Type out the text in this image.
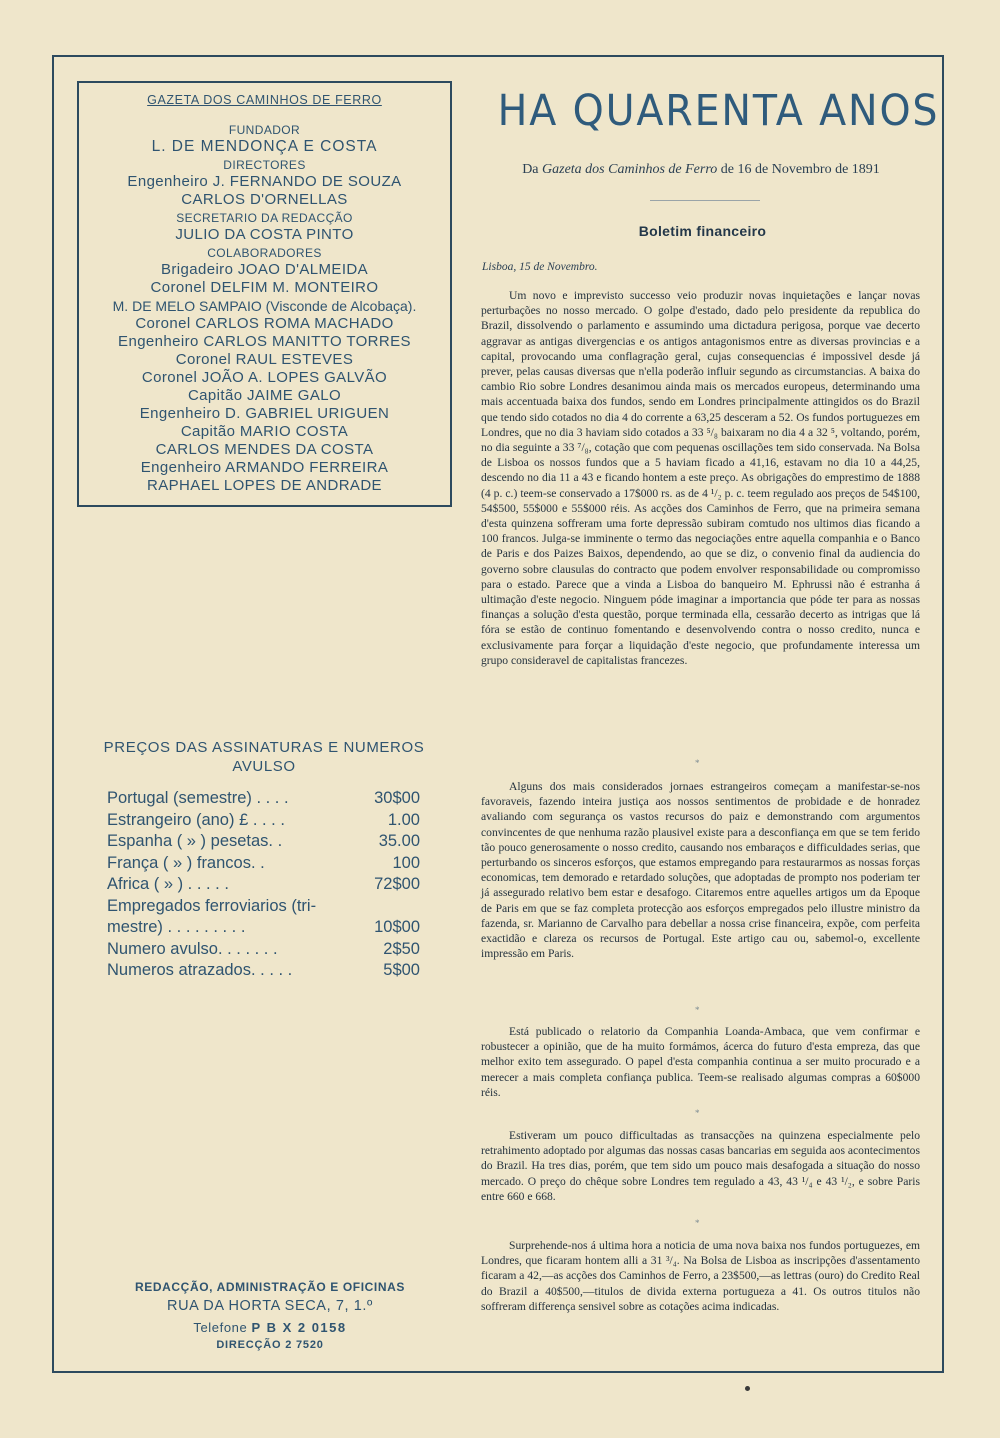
GAZETA DOS CAMINHOS DE FERRO
FUNDADOR
L. DE MENDONÇA E COSTA
DIRECTORES
Engenheiro J. FERNANDO DE SOUZA
CARLOS D'ORNELLAS
SECRETARIO DA REDACÇÃO
JULIO DA COSTA PINTO
COLABORADORES
Brigadeiro JOAO D'ALMEIDA
Coronel DELFIM M. MONTEIRO
M. DE MELO SAMPAIO (Visconde de Alcobaça).
Coronel CARLOS ROMA MACHADO
Engenheiro CARLOS MANITTO TORRES
Coronel RAUL ESTEVES
Coronel JOÃO A. LOPES GALVÃO
Capitão JAIME GALO
Engenheiro D. GABRIEL URIGUEN
Capitão MARIO COSTA
CARLOS MENDES DA COSTA
Engenheiro ARMANDO FERREIRA
RAPHAEL LOPES DE ANDRADE
PREÇOS DAS ASSINATURAS E NUMEROS AVULSO
Portugal (semestre) . . . .	30$00
Estrangeiro (ano) £ . . . .	1.00
Espanha ( » ) pesetas. .	35.00
França ( » ) francos. .	100
Africa ( » ) . . . . .	72$00
Empregados ferroviarios (tri-
mestre) . . . . . . . . .	10$00
Numero avulso. . . . . . .	2$50
Numeros atrazados. . . . .	5$00
REDACÇÃO, ADMINISTRAÇÃO E OFICINAS
RUA DA HORTA SECA, 7, 1.º
Telefone P B X 2 0158
DIRECÇÃO 2 7520
HA QUARENTA ANOS
Da Gazeta dos Caminhos de Ferro de 16 de Novembro de 1891
Boletim financeiro
Lisboa, 15 de Novembro.

Um novo e imprevisto successo veio produzir novas inquietações e lançar novas perturbações no nosso mercado. O golpe d'estado, dado pelo presidente da republica do Brazil, dissolvendo o parlamento e assumindo uma dictadura perigosa, porque vae decerto aggravar as antigas divergencias e os antigos antagonismos entre as diversas provincias e a capital, provocando uma conflagração geral, cujas consequencias é impossivel desde já prever, pelas causas diversas que n'ella poderão influir segundo as circumstancias. A baixa do cambio Rio sobre Londres desanimou ainda mais os mercados europeus, determinando uma mais accentuada baixa dos fundos, sendo em Londres principalmente attingidos os do Brazil que tendo sido cotados no dia 4 do corrente a 63,25 desceram a 52. Os fundos portuguezes em Londres, que no dia 3 haviam sido cotados a 33 ⁵/₈ baixaram no dia 4 a 32 ⁵, voltando, porém, no dia seguinte a 33 ⁷/₈, cotação que com pequenas oscillações tem sido conservada. Na Bolsa de Lisboa os nossos fundos que a 5 haviam ficado a 41,16, estavam no dia 10 a 44,25, descendo no dia 11 a 43 e ficando hontem a este preço. As obrigações do emprestimo de 1888 (4 p. c.) teem-se conservado a 17$000 rs. as de 4 ¹/₂ p. c. teem regulado aos preços de 54$100, 54$500, 55$000 e 55$000 réis. As acções dos Caminhos de Ferro, que na primeira semana d'esta quinzena soffreram uma forte depressão subiram comtudo nos ultimos dias ficando a 100 francos. Julga-se imminente o termo das negociações entre aquella companhia e o Banco de Paris e dos Paizes Baixos, dependendo, ao que se diz, o convenio final da audiencia do governo sobre clausulas do contracto que podem envolver responsabilidade ou compromisso para o estado. Parece que a vinda a Lisboa do banqueiro M. Ephrussi não é estranha á ultimação d'este negocio. Ninguem póde imaginar a importancia que póde ter para as nossas finanças a solução d'esta questão, porque terminada ella, cessarão decerto as intrigas que lá fóra se estão de continuo fomentando e desenvolvendo contra o nosso credito, nunca e exclusivamente para forçar a liquidação d'este negocio, que profundamente interessa um grupo consideravel de capitalistas francezes.

*

Alguns dos mais considerados jornaes estrangeiros começam a manifestar-se-nos favoraveis, fazendo inteira justiça aos nossos sentimentos de probidade e de honradez avaliando com segurança os vastos recursos do paiz e demonstrando com argumentos convincentes de que nenhuma razão plausivel existe para a desconfiança em que se tem ferido tão pouco generosamente o nosso credito, causando nos embaraços e difficuldades serias, que perturbando os sinceros esforços, que estamos empregando para restaurarmos as nossas forças economicas, tem demorado e retardado soluções, que adoptadas de prompto nos poderiam ter já assegurado relativo bem estar e desafogo. Citaremos entre aquelles artigos um da Epoque de Paris em que se faz completa protecção aos esforços empregados pelo illustre ministro da fazenda, sr. Marianno de Carvalho para debellar a nossa crise financeira, expõe, com perfeita exactidão e clareza os recursos de Portugal. Este artigo cau ou, sabemol-o, excellente impressão em Paris.

*

Está publicado o relatorio da Companhia Loanda-Ambaca, que vem confirmar e robustecer a opinião, que de ha muito formámos, ácerca do futuro d'esta empreza, das que melhor exito tem assegurado. O papel d'esta companhia continua a ser muito procurado e a merecer a mais completa confiança publica. Teem-se realisado algumas compras a 60$000 réis.

*

Estiveram um pouco difficultadas as transacções na quinzena especialmente pelo retrahimento adoptado por algumas das nossas casas bancarias em seguida aos acontecimentos do Brazil. Ha tres dias, porém, que tem sido um pouco mais desafogada a situação do nosso mercado. O preço do chêque sobre Londres tem regulado a 43, 43 ¹/₄ e 43 ¹/₂, e sobre Paris entre 660 e 668.

*

Surprehende-nos á ultima hora a noticia de uma nova baixa nos fundos portuguezes, em Londres, que ficaram hontem alli a 31 ³/₄. Na Bolsa de Lisboa as inscripções d'assentamento ficaram a 42,—as acções dos Caminhos de Ferro, a 23$500,—as lettras (ouro) do Credito Real do Brazil a 40$500,—titulos de divida externa portugueza a 41. Os outros titulos não soffreram differença sensivel sobre as cotações acima indicadas.
